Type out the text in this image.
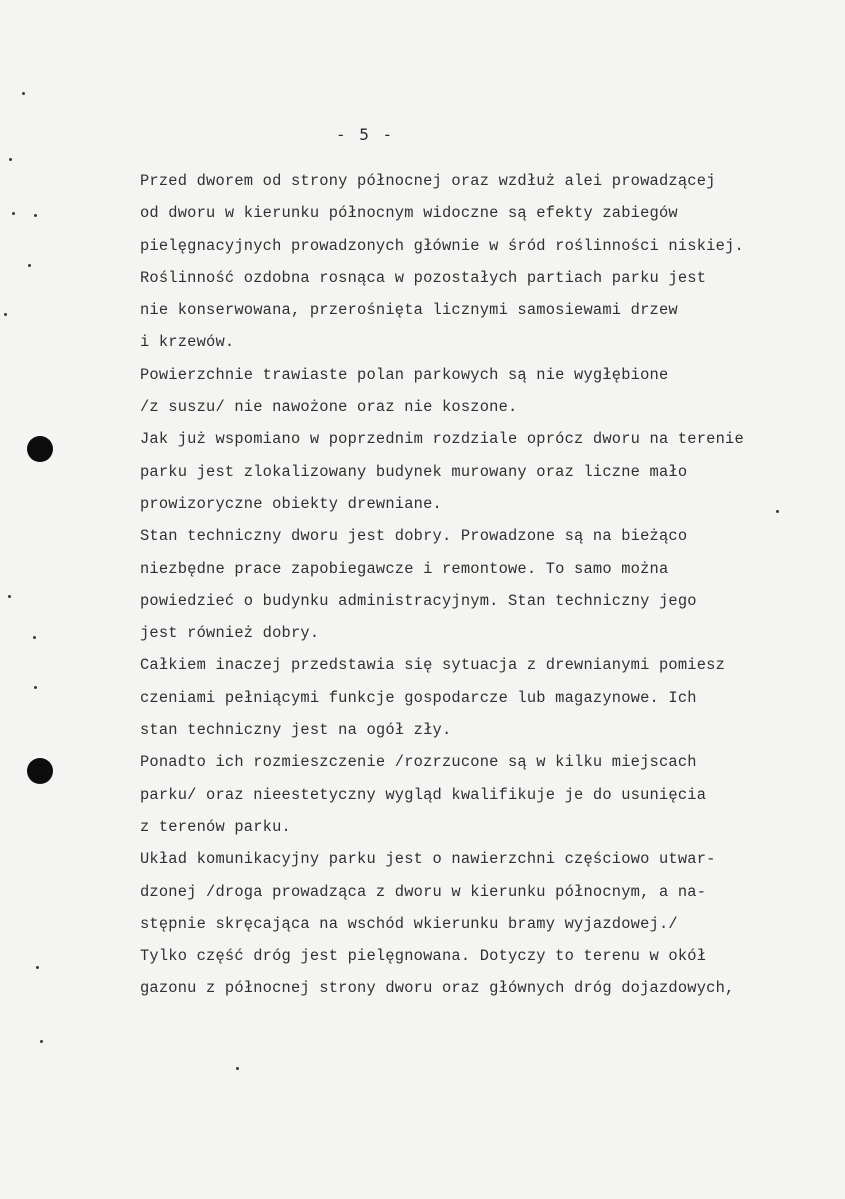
- 5 -
Przed dworem od strony północnej oraz wzdłuż alei prowadzącej
od dworu w kierunku północnym widoczne są efekty zabiegów
pielęgnacyjnych prowadzonych głównie w śród roślinności niskiej.
Roślinność ozdobna rosnąca w pozostałych partiach parku jest
nie konserwowana, przerośnięta licznymi samosiewami drzew
i krzewów.
Powierzchnie trawiaste polan parkowych są nie wygłębione
/z suszu/ nie nawożone oraz nie koszone.
Jak już wspomiano w poprzednim rozdziale oprócz dworu na terenie
parku jest zlokalizowany budynek murowany oraz liczne mało
prowizoryczne obiekty drewniane.
Stan techniczny dworu jest dobry. Prowadzone są na bieżąco
niezbędne prace zapobiegawcze i remontowe. To samo można
powiedzieć o budynku administracyjnym. Stan techniczny jego
jest również dobry.
Całkiem inaczej przedstawia się sytuacja z drewnianymi pomiesz
czeniami pełniącymi funkcje gospodarcze lub magazynowe. Ich
stan techniczny jest na ogół zły.
Ponadto ich rozmieszczenie /rozrzucone są w kilku miejscach
parku/ oraz nieestetyczny wygląd kwalifikuje je do usunięcia
z terenów parku.
Układ komunikacyjny parku jest o nawierzchni częściowo utwar-
dzonej /droga prowadząca z dworu w kierunku północnym, a na-
stępnie skręcająca na wschód wkierunku bramy wyjazdowej./
Tylko część dróg jest pielęgnowana. Dotyczy to terenu w okół
gazonu z północnej strony dworu oraz głównych dróg dojazdowych,
